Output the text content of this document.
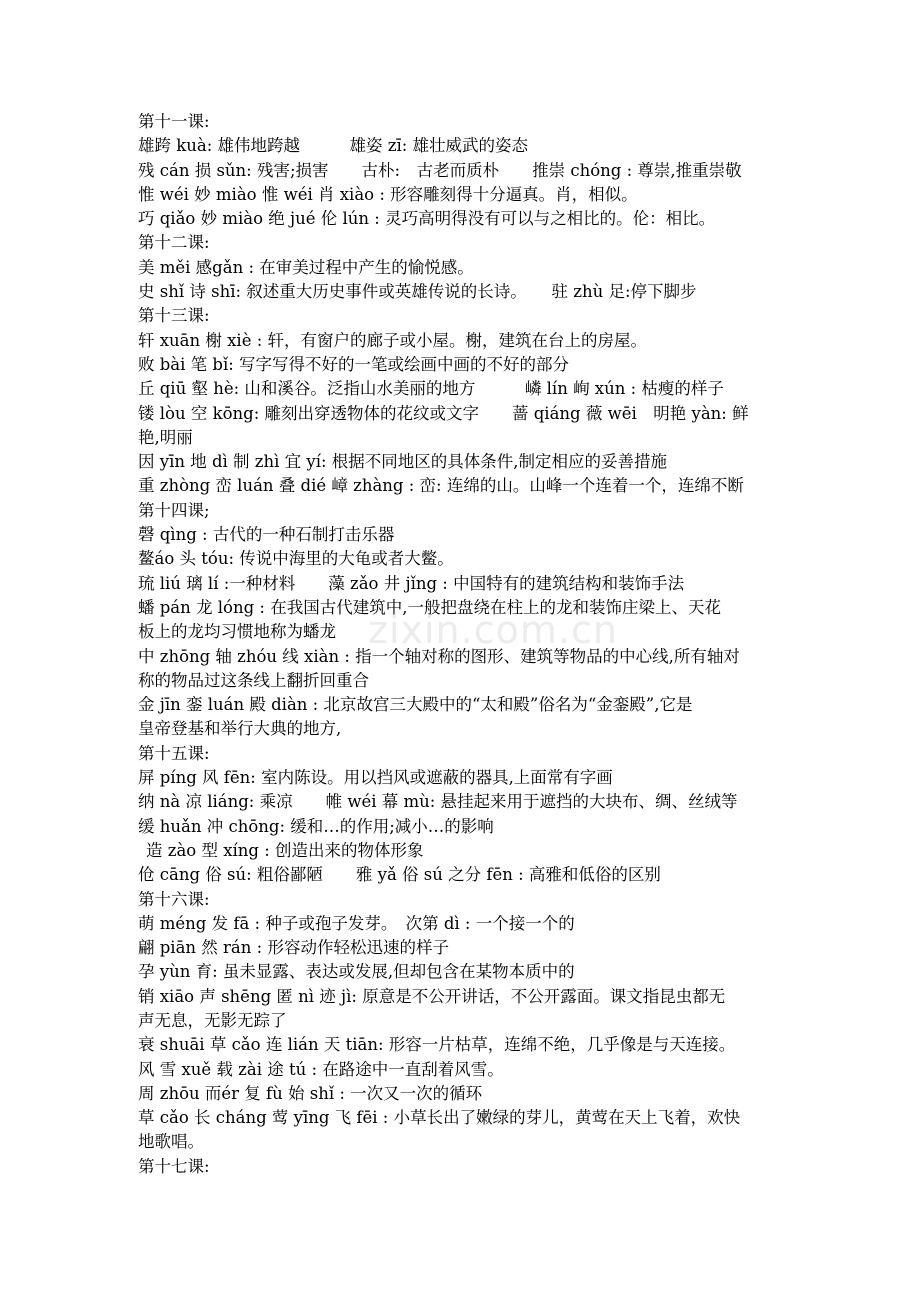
zixin.com.cn
第十一课:
雄跨 kuà: 雄伟地跨越　　　雄姿 zī: 雄壮威武的姿态
残 cán 损 sǔn: 残害;损害　　古朴:　古老而质朴　　推崇 chóng : 尊崇,推重崇敬
惟 wéi 妙 miào 惟 wéi 肖 xiào : 形容雕刻得十分逼真。肖，相似。
巧 qiǎo 妙 miào 绝 jué 伦 lún : 灵巧高明得没有可以与之相比的。伦：相比。
第十二课:
美 měi 感gǎn : 在审美过程中产生的愉悦感。
史 shǐ 诗 shī: 叙述重大历史事件或英雄传说的长诗。　　驻 zhù 足:停下脚步
第十三课:
轩 xuān 榭 xiè : 轩，有窗户的廊子或小屋。榭，建筑在台上的房屋。
败 bài 笔 bǐ: 写字写得不好的一笔或绘画中画的不好的部分
丘 qiū 壑 hè: 山和溪谷。泛指山水美丽的地方　　　嶙 lín 峋 xún : 枯瘦的样子
镂 lòu 空 kōng: 雕刻出穿透物体的花纹或文字　　蔷 qiáng 薇 wēi　明艳 yàn: 鲜
艳,明丽
因 yīn 地 dì 制 zhì 宜 yí: 根据不同地区的具体条件,制定相应的妥善措施
重 zhòng 峦 luán 叠 dié 嶂 zhàng : 峦: 连绵的山。山峰一个连着一个，连绵不断
第十四课;
磬 qìng : 古代的一种石制打击乐器
鳌áo 头 tóu: 传说中海里的大龟或者大鳖。
琉 liú 璃 lí :一种材料　　藻 zǎo 井 jǐng : 中国特有的建筑结构和装饰手法
蟠 pán 龙 lóng : 在我国古代建筑中,一般把盘绕在柱上的龙和装饰庄梁上、天花
板上的龙均习惯地称为蟠龙
中 zhōng 轴 zhóu 线 xiàn : 指一个轴对称的图形、建筑等物品的中心线,所有轴对
称的物品过这条线上翻折回重合
金 jīn 銮 luán 殿 diàn : 北京故宫三大殿中的“太和殿”俗名为“金銮殿”,它是
皇帝登基和举行大典的地方,
第十五课:
屏 píng 风 fēn: 室内陈设。用以挡风或遮蔽的器具,上面常有字画
纳 nà 凉 liáng: 乘凉　　帷 wéi 幕 mù: 悬挂起来用于遮挡的大块布、绸、丝绒等
缓 huǎn 冲 chōng: 缓和…的作用;减小…的影响
造 zào 型 xíng : 创造出来的物体形象
伧 cāng 俗 sú: 粗俗鄙陋　　雅 yǎ 俗 sú 之分 fēn : 高雅和低俗的区别
第十六课:
萌 méng 发 fā : 种子或孢子发芽。　次第 dì : 一个接一个的
翩 piān 然 rán : 形容动作轻松迅速的样子
孕 yùn 育: 虽未显露、表达或发展,但却包含在某物本质中的
销 xiāo 声 shēng 匿 nì 迹 jì: 原意是不公开讲话，不公开露面。课文指昆虫都无
声无息，无影无踪了
衰 shuāi 草 cǎo 连 lián 天 tiān: 形容一片枯草，连绵不绝，几乎像是与天连接。
风 雪 xuě 载 zài 途 tú : 在路途中一直刮着风雪。
周 zhōu 而ér 复 fù 始 shǐ : 一次又一次的循环
草 cǎo 长 cháng 莺 yīng 飞 fēi : 小草长出了嫩绿的芽儿，黄莺在天上飞着，欢快
地歌唱。
第十七课:
